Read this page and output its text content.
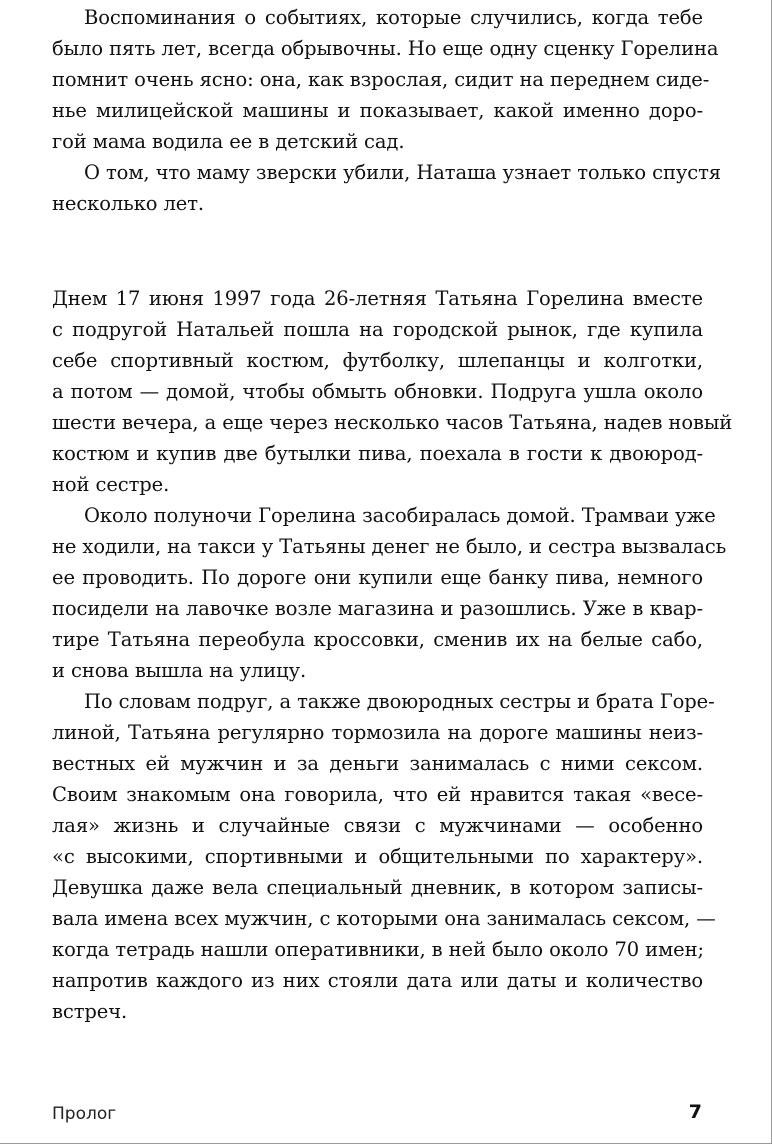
Воспоминания о событиях, которые случились, когда тебе
было пять лет, всегда обрывочны. Но еще одну сценку Горелина
помнит очень ясно: она, как взрослая, сидит на переднем сиде-
нье милицейской машины и показывает, какой именно доро-
гой мама водила ее в детский сад.
О том, что маму зверски убили, Наташа узнает только спустя
несколько лет.
Днем 17 июня 1997 года 26-летняя Татьяна Горелина вместе
с подругой Натальей пошла на городской рынок, где купила
себе спортивный костюм, футболку, шлепанцы и колготки,
а потом — домой, чтобы обмыть обновки. Подруга ушла около
шести вечера, а еще через несколько часов Татьяна, надев новый
костюм и купив две бутылки пива, поехала в гости к двоюрод-
ной сестре.
Около полуночи Горелина засобиралась домой. Трамваи уже
не ходили, на такси у Татьяны денег не было, и сестра вызвалась
ее проводить. По дороге они купили еще банку пива, немного
посидели на лавочке возле магазина и разошлись. Уже в квар-
тире Татьяна переобула кроссовки, сменив их на белые сабо,
и снова вышла на улицу.
По словам подруг, а также двоюродных сестры и брата Горе-
линой, Татьяна регулярно тормозила на дороге машины неиз-
вестных ей мужчин и за деньги занималась с ними сексом.
Своим знакомым она говорила, что ей нравится такая «весе-
лая» жизнь и случайные связи с мужчинами — особенно
«с высокими, спортивными и общительными по характеру».
Девушка даже вела специальный дневник, в котором записы-
вала имена всех мужчин, с которыми она занималась сексом, —
когда тетрадь нашли оперативники, в ней было около 70 имен;
напротив каждого из них стояли дата или даты и количество
встреч.
Пролог	7
